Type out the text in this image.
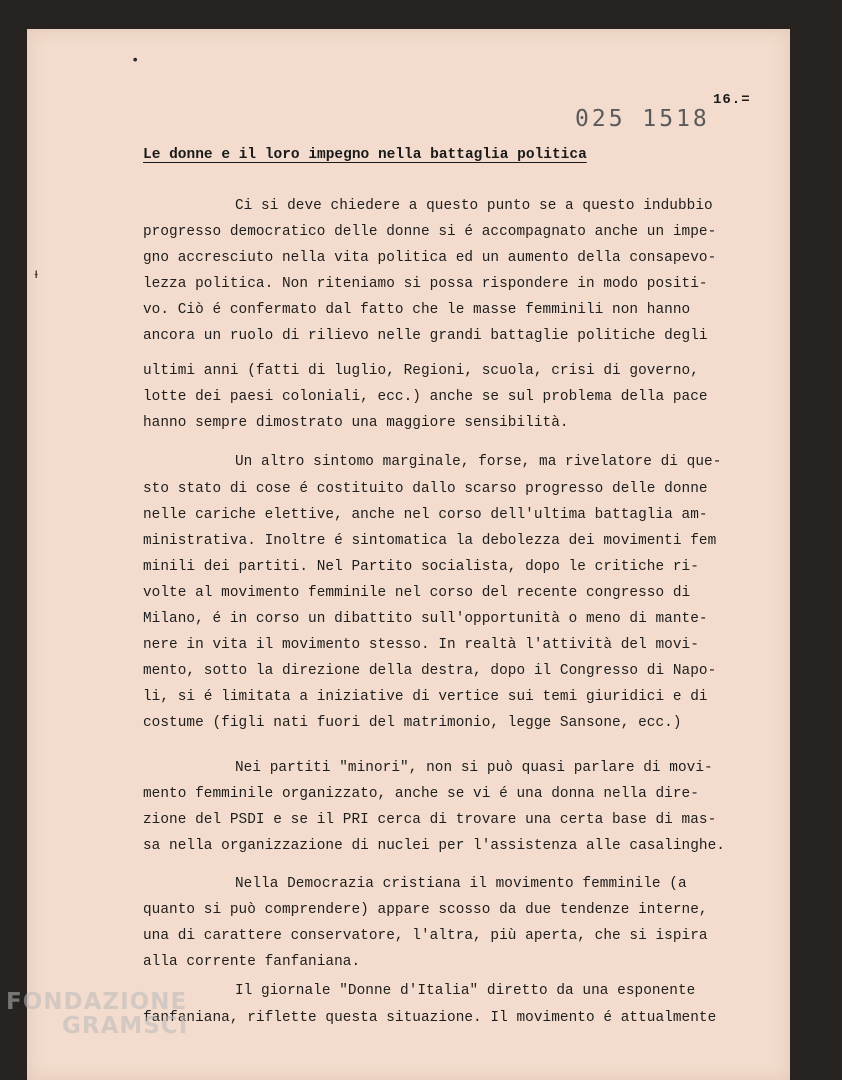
•
ᵻ
16.=
025 1518
Le donne e il loro impegno nella battaglia politica
Ci si deve chiedere a questo punto se a questo indubbio
progresso democratico delle donne si é accompagnato anche un impe-
gno accresciuto nella vita politica ed un aumento della consapevo-
lezza politica. Non riteniamo si possa rispondere in modo positi-
vo. Ciò é confermato dal fatto che le masse femminili non hanno
ancora un ruolo di rilievo nelle grandi battaglie politiche degli
ultimi anni (fatti di luglio, Regioni, scuola, crisi di governo,
lotte dei paesi coloniali, ecc.) anche se sul problema della pace
hanno sempre dimostrato una maggiore sensibilità.
Un altro sintomo marginale, forse, ma rivelatore di que-
sto stato di cose é costituito dallo scarso progresso delle donne
nelle cariche elettive, anche nel corso dell'ultima battaglia am-
ministrativa. Inoltre é sintomatica la debolezza dei movimenti fem
minili dei partiti. Nel Partito socialista, dopo le critiche ri-
volte al movimento femminile nel corso del recente congresso di
Milano, é in corso un dibattito sull'opportunità o meno di mante-
nere in vita il movimento stesso. In realtà l'attività del movi-
mento, sotto la direzione della destra, dopo il Congresso di Napo-
li, si é limitata a iniziative di vertice sui temi giuridici e di
costume (figli nati fuori del matrimonio, legge Sansone, ecc.)
Nei partiti "minori", non si può quasi parlare di movi-
mento femminile organizzato, anche se vi é una donna nella dire-
zione del PSDI e se il PRI cerca di trovare una certa base di mas-
sa nella organizzazione di nuclei per l'assistenza alle casalinghe.
Nella Democrazia cristiana il movimento femminile (a
quanto si può comprendere) appare scosso da due tendenze interne,
una di carattere conservatore, l'altra, più aperta, che si ispira
alla corrente fanfaniana.
Il giornale "Donne d'Italia" diretto da una esponente
fanfaniana, riflette questa situazione. Il movimento é attualmente
FONDAZIONE
GRAMSCI
